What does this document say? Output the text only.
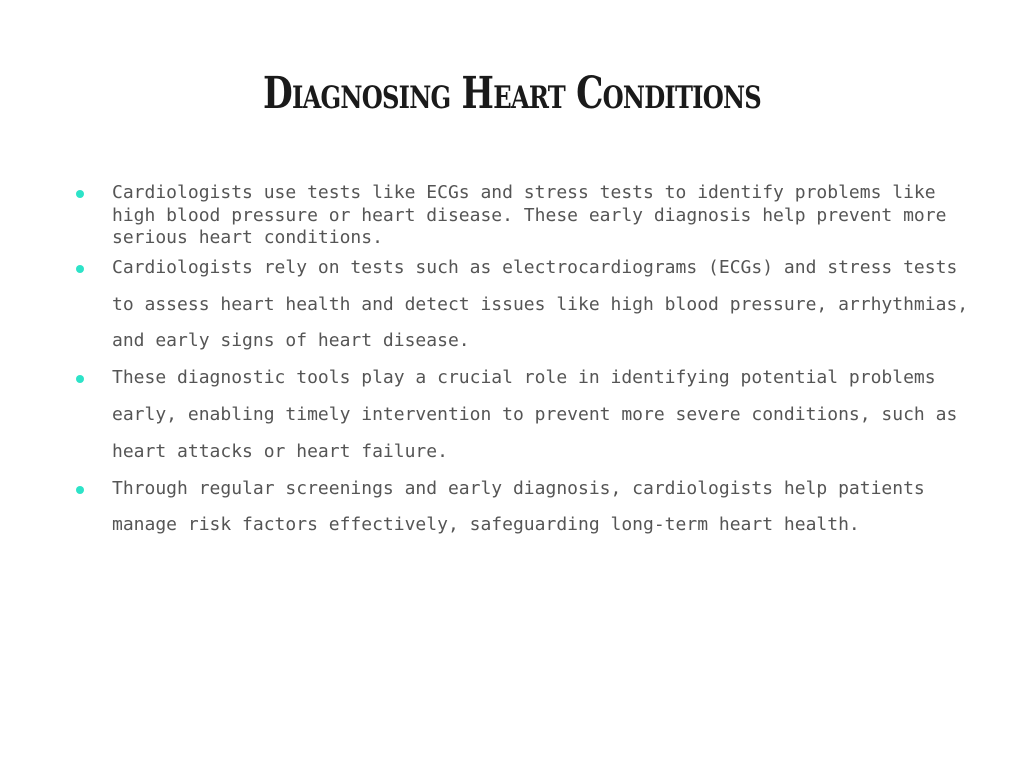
Diagnosing Heart Conditions
Cardiologists use tests like ECGs and stress tests to identify problems like high blood pressure or heart disease. These early diagnosis help prevent more serious heart conditions.
Cardiologists rely on tests such as electrocardiograms (ECGs) and stress tests to assess heart health and detect issues like high blood pressure, arrhythmias, and early signs of heart disease.
These diagnostic tools play a crucial role in identifying potential problems early, enabling timely intervention to prevent more severe conditions, such as heart attacks or heart failure.
Through regular screenings and early diagnosis, cardiologists help patients manage risk factors effectively, safeguarding long-term heart health.
